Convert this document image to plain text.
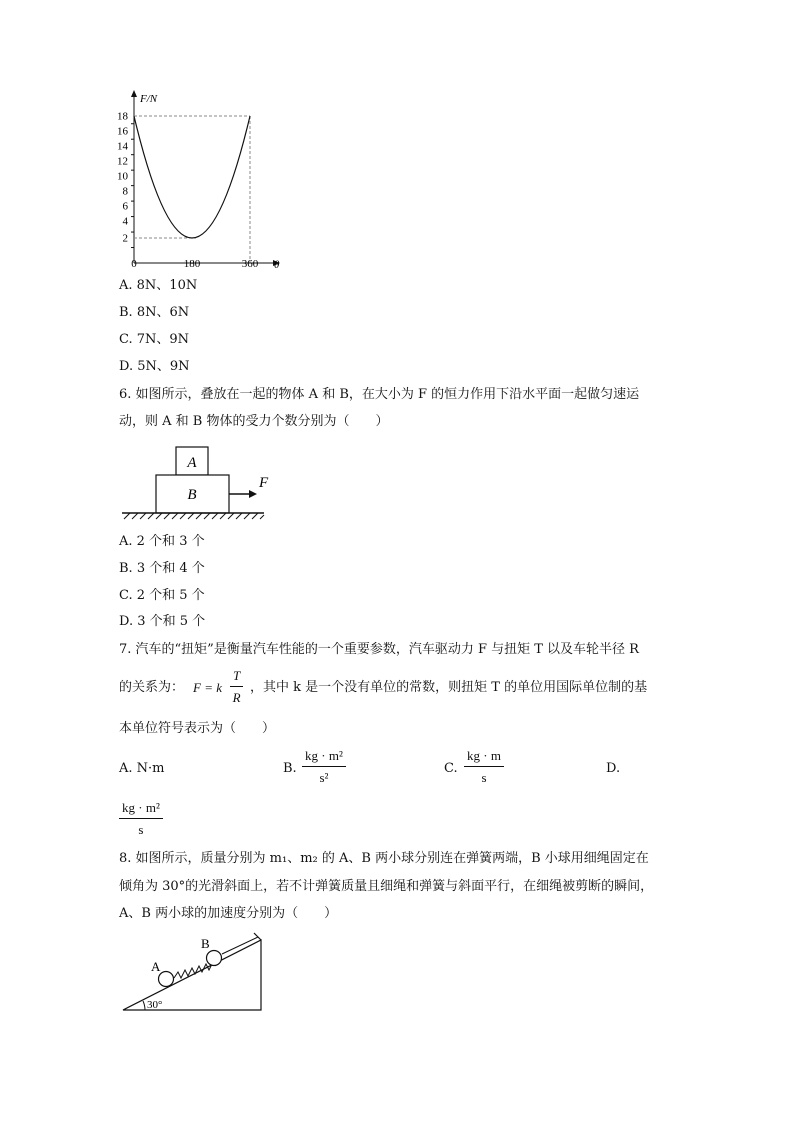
F/N
θ
18
16
14
12
10
8
6
4
2
0	180	360
A. 8N、10N
B. 8N、6N
C. 7N、9N
D. 5N、9N
6. 如图所示，叠放在一起的物体 A 和 B，在大小为 F 的恒力作用下沿水平面一起做匀速运
动，则 A 和 B 物体的受力个数分别为（　　）
A
B
F
A. 2 个和 3 个
B. 3 个和 4 个
C. 2 个和 5 个
D. 3 个和 5 个
7. 汽车的“扭矩”是衡量汽车性能的一个重要参数，汽车驱动力 F 与扭矩 T 以及车轮半径 R
的关系为： F = k $\frac{T}{R}$ ，其中 k 是一个没有单位的常数，则扭矩 T 的单位用国际单位制的基
本单位符号表示为（　　）
A. N·m	B. $\frac{\text{kg · m²}}{\text{s²}}$	C. $\frac{kg \cdot m}{s}$	D.
$\frac{\text{kg · m²}}{s}$
8. 如图所示，质量分别为 m₁、m₂ 的 A、B 两小球分别连在弹簧两端，B 小球用细绳固定在
倾角为 30°的光滑斜面上，若不计弹簧质量且细绳和弹簧与斜面平行，在细绳被剪断的瞬间，
A、B 两小球的加速度分别为（　　）
A
B
30°
